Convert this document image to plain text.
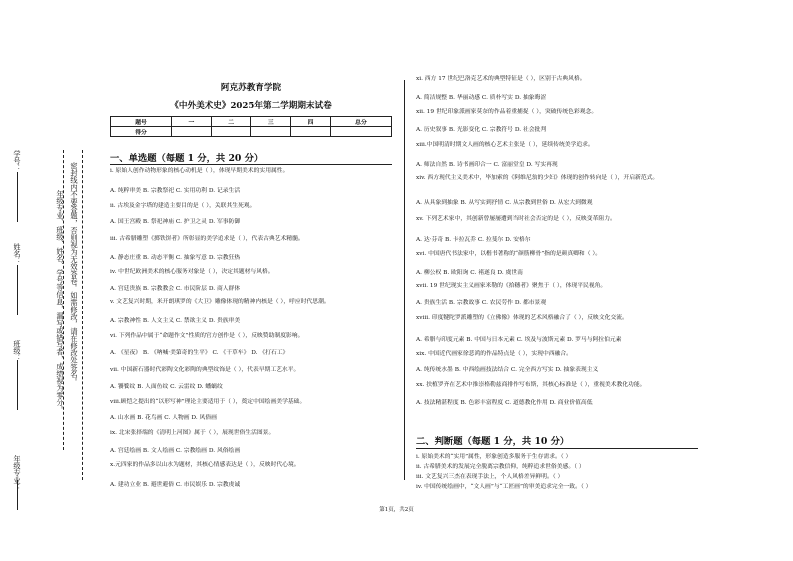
学号：
姓名：
班级：
年级专业：
密封线内不要答题，否则视为无效答卷。如需修改，请在修改处签名。
年级专业、班级、姓名、学号等信息，漏写或错写者，成绩视为零分。
阿克苏教育学院
《中外美术史》2025年第二学期期末试卷
题号	一	二	三	四	总分
得分					
一、单选题（每题 1 分，共 20 分）
i. 原始人创作动物形象的核心动机是（ ），体现早期美术的实用属性。
A. 纯粹审美 B. 宗教祭祀 C. 实用功利 D. 记录生活
ii. 古埃及金字塔的建造主要目的是（ ），关联其生死观。
A. 国王宫殿 B. 祭祀神庙 C. 护卫之灵 D. 军事防御
iii. 古希腊雕塑《掷铁饼者》所彰显的美学追求是（ ），代表古典艺术精髓。
A. 静态庄重 B. 动态平衡 C. 抽象写意 D. 宗教狂热
iv. 中世纪欧洲美术的核心服务对象是（ ），决定其题材与风格。
A. 宫廷贵族 B. 宗教教会 C. 市民阶层 D. 商人群体
v. 文艺复兴时期，米开朗琪罗的《大卫》雕像体现的精神内核是（ ），呼应时代思潮。
A. 宗教神性 B. 人文主义 C. 禁欲主义 D. 贵族审美
vi. 下列作品中属于“命题作文”性质的官方创作是（ ），反映赞助制度影响。
A. 《星夜》 B. 《呐喊·美第奇的生平》 C. 《干草车》 D. 《打石工》
vii. 中国新石器时代彩陶文化彩陶的典型纹饰是（ ），代表早期工艺水平。
A. 饕餮纹 B. 人面鱼纹 C. 云雷纹 D. 蟠螭纹
viii.顾恺之提出的“以形写神”理论主要适用于（ ），奠定中国绘画美学基础。
A. 山水画 B. 花鸟画 C. 人物画 D. 风俗画
ix. 北宋张择端的《清明上河图》属于（ ），展现世俗生活图景。
A. 宫廷绘画 B. 文人绘画 C. 宗教绘画 D. 风俗绘画
x.元四家的作品多以山水为题材，其核心情感表达是（ ），反映时代心境。
A. 建功立业 B. 避世避俗 C. 市民娱乐 D. 宗教虔诚
xi. 西方 17 世纪巴洛克艺术的典型特征是（ ），区别于古典风格。
A. 简洁规整 B. 华丽动感 C. 质朴写实 D. 抽象晦涩
xii. 19 世纪印象派画家莫奈的作品着重捕捉（ ），突破传统色彩观念。
A. 历史叙事 B. 光影变化 C. 宗教符号 D. 社会批判
xiii.中国明清时期文人画的核心艺术主张是（ ），延续传统美学追求。
A. 师法自然 B. 诗书画印合一 C. 富丽堂皇 D. 写实再现
xiv. 西方现代主义美术中，毕加索的《阿维尼翁的少妇》体现的创作转向是（ ），开启新范式。
A. 从具象到抽象 B. 从写实到抒情 C. 从宗教到世俗 D. 从宏大到微观
xv. 下列艺术家中，其创新曾屡屡遭到当时社会否定的是（ ），反映变革阻力。
A. 达·芬奇 B. 卡拉瓦乔 C. 拉斐尔 D. 安格尔
xvi. 中国唐代书法家中，以楷书著称的“颜筋柳骨”指的是颜真卿和（ ）。
A. 柳公权 B. 欧阳询 C. 褚遂良 D. 虞世南
xvii. 19 世纪现实主义画家米勒的《拾穗者》聚焦于（ ），体现平民视角。
A. 贵族生活 B. 宗教故事 C. 农民劳作 D. 都市景观
xviii. 印度犍陀罗派雕塑的《立佛像》体现的艺术风格融合了（ ），反映文化交流。
A. 希腊与印度元素 B. 中国与日本元素 C. 埃及与波斯元素 D. 罗马与阿拉伯元素
xix. 中国近代画家徐悲鸿的作品特点是（ ），实现中西融合。
A. 纯传统水墨 B. 中西绘画技法结合 C. 完全西方写实 D. 抽象表现主义
xx. 扶植罗齐在艺术中推崇格勒兹商排作写布斯，其核心标准是（ ），重视美术教化功能。
A. 技法精湛程度 B. 色彩丰富程度 C. 道德教化作用 D. 商业价值高低
二、判断题（每题 1 分，共 10 分）
i. 原始美术的“实用”属性，形象创造多服务于生存需求。（ ）
ii. 古希腊美术的发展完全脱离宗教信仰，纯粹追求世俗美感。（ ）
iii. 文艺复兴三杰在表现手法上，个人风格差异鲜明。（ ）
iv. 中国传统绘画中，“文人画”与“工匠画”的审美追求完全一致。（ ）
第1页，共2页
